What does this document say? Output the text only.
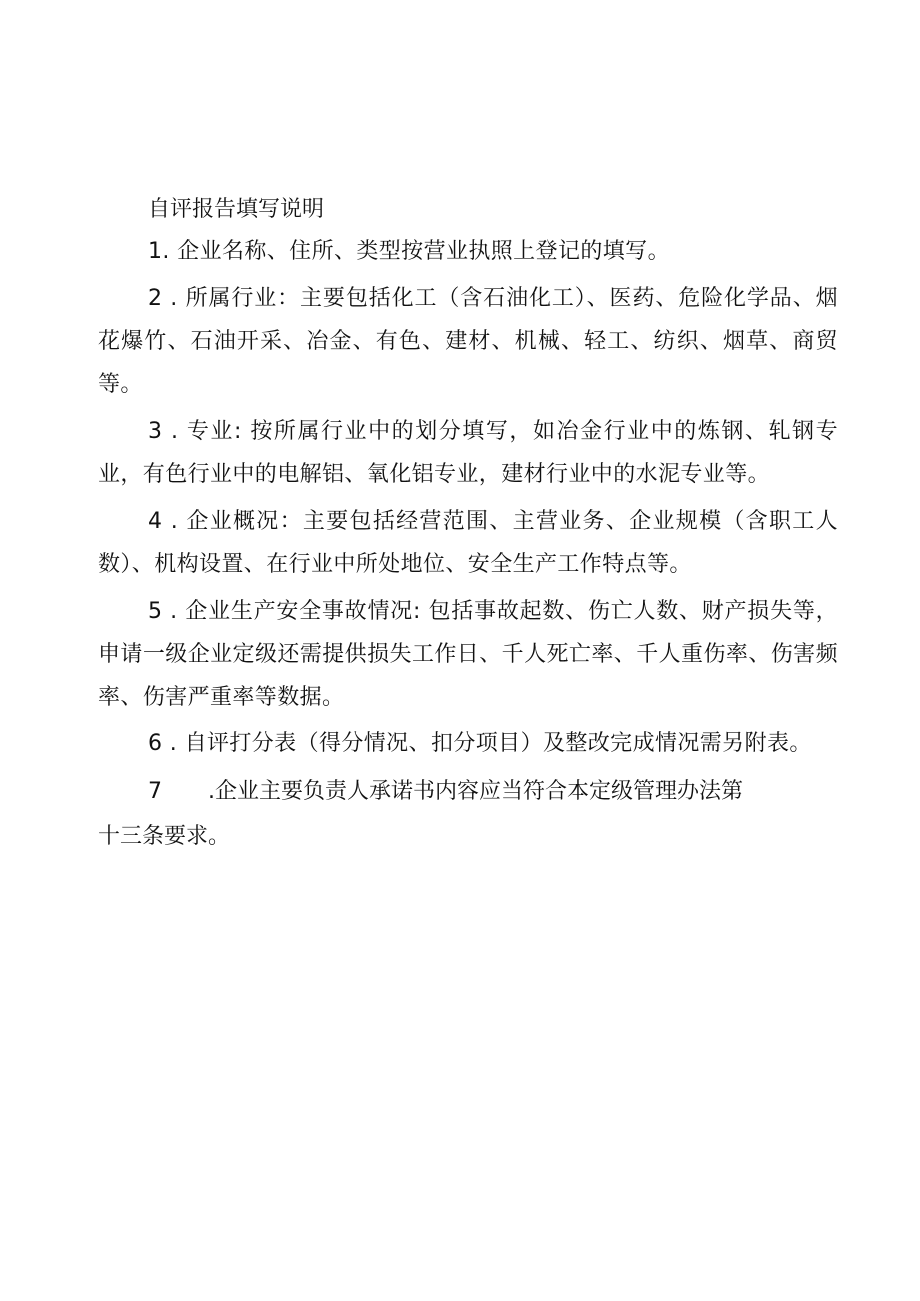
自评报告填写说明
1. 企业名称、住所、类型按营业执照上登记的填写。
2 . 所属行业：主要包括化工（含石油化工）、医药、危险化学品、烟花爆竹、石油开采、冶金、有色、建材、机械、轻工、纺织、烟草、商贸等。
3 . 专业: 按所属行业中的划分填写，如冶金行业中的炼钢、轧钢专业，有色行业中的电解铝、氧化铝专业，建材行业中的水泥专业等。
4 . 企业概况：主要包括经营范围、主营业务、企业规模（含职工人数）、机构设置、在行业中所处地位、安全生产工作特点等。
5 . 企业生产安全事故情况: 包括事故起数、伤亡人数、财产损失等，申请一级企业定级还需提供损失工作日、千人死亡率、千人重伤率、伤害频率、伤害严重率等数据。
6 . 自评打分表（得分情况、扣分项目）及整改完成情况需另附表。
7 .企业主要负责人承诺书内容应当符合本定级管理办法第
十三条要求。
